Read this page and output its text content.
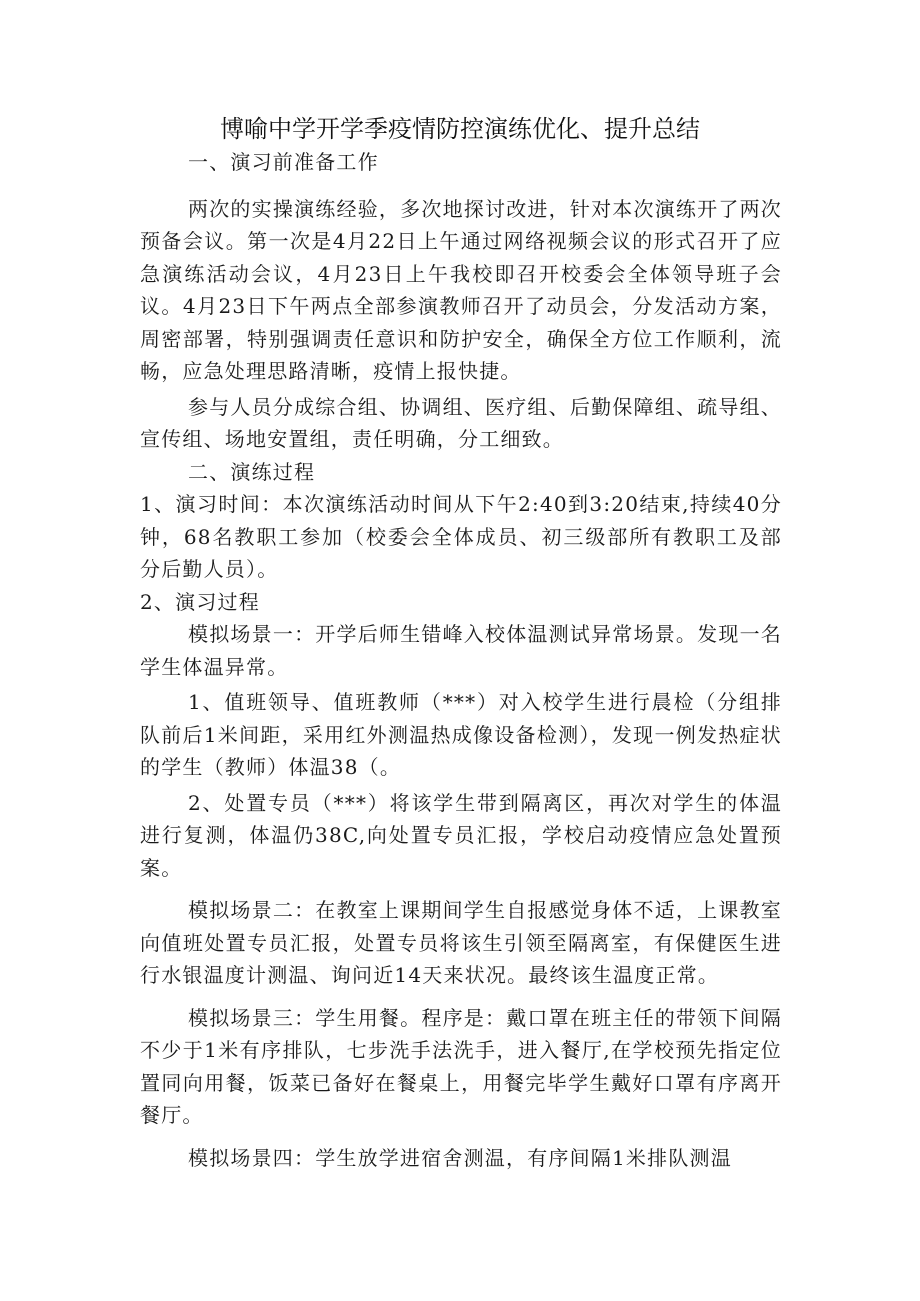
博喻中学开学季疫情防控演练优化、提升总结

一、演习前准备工作

两次的实操演练经验，多次地探讨改进，针对本次演练开了两次预备会议。第一次是4月22日上午通过网络视频会议的形式召开了应急演练活动会议，4月23日上午我校即召开校委会全体领导班子会议。4月23日下午两点全部参演教师召开了动员会，分发活动方案，周密部署，特别强调责任意识和防护安全，确保全方位工作顺利，流畅，应急处理思路清晰，疫情上报快捷。

参与人员分成综合组、协调组、医疗组、后勤保障组、疏导组、宣传组、场地安置组，责任明确，分工细致。

二、演练过程

1、演习时间：本次演练活动时间从下午2:40到3:20结束,持续40分钟，68名教职工参加（校委会全体成员、初三级部所有教职工及部分后勤人员）。

2、演习过程

模拟场景一：开学后师生错峰入校体温测试异常场景。发现一名学生体温异常。

1、值班领导、值班教师（***）对入校学生进行晨检（分组排队前后1米间距，采用红外测温热成像设备检测），发现一例发热症状的学生（教师）体温38（。

2、处置专员（***）将该学生带到隔离区，再次对学生的体温进行复测，体温仍38C,向处置专员汇报，学校启动疫情应急处置预案。

模拟场景二：在教室上课期间学生自报感觉身体不适，上课教室向值班处置专员汇报，处置专员将该生引领至隔离室，有保健医生进行水银温度计测温、询问近14天来状况。最终该生温度正常。

模拟场景三：学生用餐。程序是：戴口罩在班主任的带领下间隔不少于1米有序排队，七步洗手法洗手，进入餐厅,在学校预先指定位置同向用餐，饭菜已备好在餐桌上，用餐完毕学生戴好口罩有序离开餐厅。

模拟场景四：学生放学进宿舍测温，有序间隔1米排队测温
